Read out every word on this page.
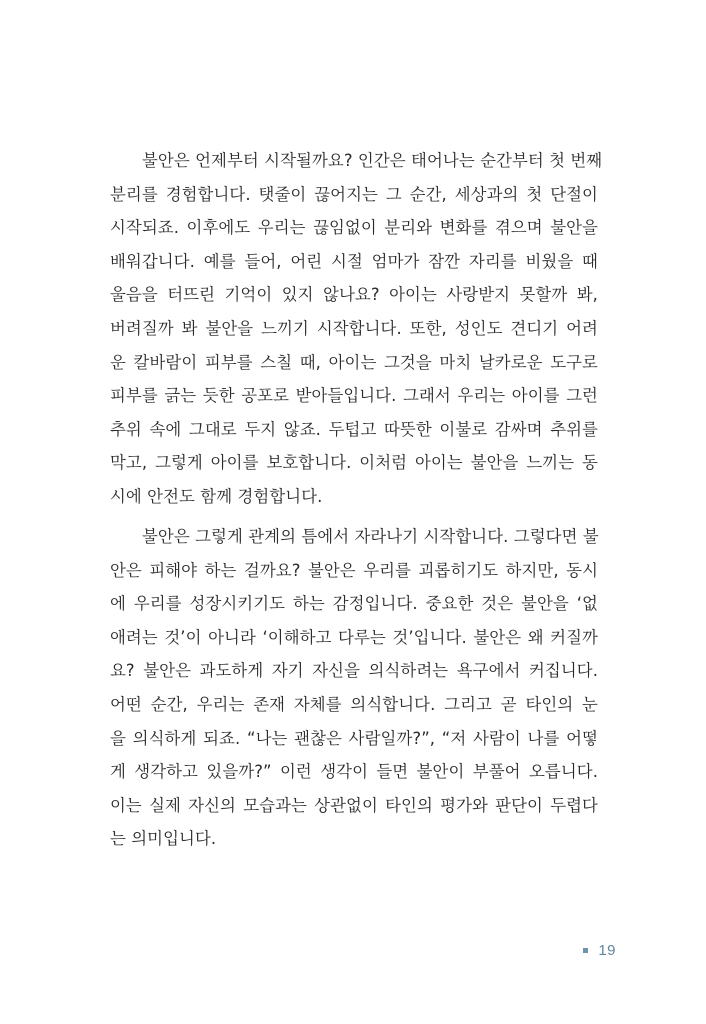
불안은 언제부터 시작될까요? 인간은 태어나는 순간부터 첫 번째
분리를 경험합니다. 탯줄이 끊어지는 그 순간, 세상과의 첫 단절이
시작되죠. 이후에도 우리는 끊임없이 분리와 변화를 겪으며 불안을
배워갑니다. 예를 들어, 어린 시절 엄마가 잠깐 자리를 비웠을 때
울음을 터뜨린 기억이 있지 않나요? 아이는 사랑받지 못할까 봐,
버려질까 봐 불안을 느끼기 시작합니다. 또한, 성인도 견디기 어려
운 칼바람이 피부를 스칠 때, 아이는 그것을 마치 날카로운 도구로
피부를 긁는 듯한 공포로 받아들입니다. 그래서 우리는 아이를 그런
추위 속에 그대로 두지 않죠. 두텁고 따뜻한 이불로 감싸며 추위를
막고, 그렇게 아이를 보호합니다. 이처럼 아이는 불안을 느끼는 동
시에 안전도 함께 경험합니다.
불안은 그렇게 관계의 틈에서 자라나기 시작합니다. 그렇다면 불
안은 피해야 하는 걸까요? 불안은 우리를 괴롭히기도 하지만, 동시
에 우리를 성장시키기도 하는 감정입니다. 중요한 것은 불안을 ‘없
애려는 것’이 아니라 ‘이해하고 다루는 것’입니다. 불안은 왜 커질까
요? 불안은 과도하게 자기 자신을 의식하려는 욕구에서 커집니다.
어떤 순간, 우리는 존재 자체를 의식합니다. 그리고 곧 타인의 눈
을 의식하게 되죠. “나는 괜찮은 사람일까?”, “저 사람이 나를 어떻
게 생각하고 있을까?” 이런 생각이 들면 불안이 부풀어 오릅니다.
이는 실제 자신의 모습과는 상관없이 타인의 평가와 판단이 두렵다
는 의미입니다.
19
